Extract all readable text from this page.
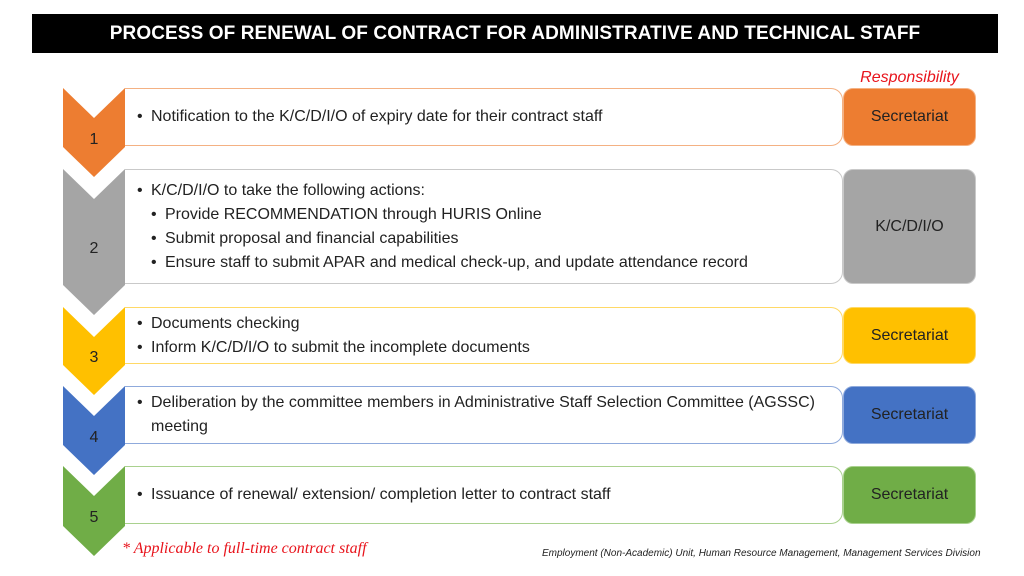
PROCESS OF RENEWAL OF CONTRACT FOR ADMINISTRATIVE AND TECHNICAL STAFF
Responsibility
1
• Notification to the K/C/D/I/O of expiry date for their contract staff	Secretariat
2
• K/C/D/I/O to take the following actions:
• Provide RECOMMENDATION through HURIS Online
• Submit proposal and financial capabilities
• Ensure staff to submit APAR and medical check-up, and update attendance record
K/C/D/I/O
3
• Documents checking
• Inform K/C/D/I/O to submit the incomplete documents
Secretariat
4
• Deliberation by the committee members in Administrative Staff Selection Committee (AGSSC) meeting
Secretariat
5
• Issuance of renewal/ extension/ completion letter to contract staff	Secretariat
* Applicable to full-time contract staff	Employment (Non-Academic) Unit, Human Resource Management, Management Services Division
